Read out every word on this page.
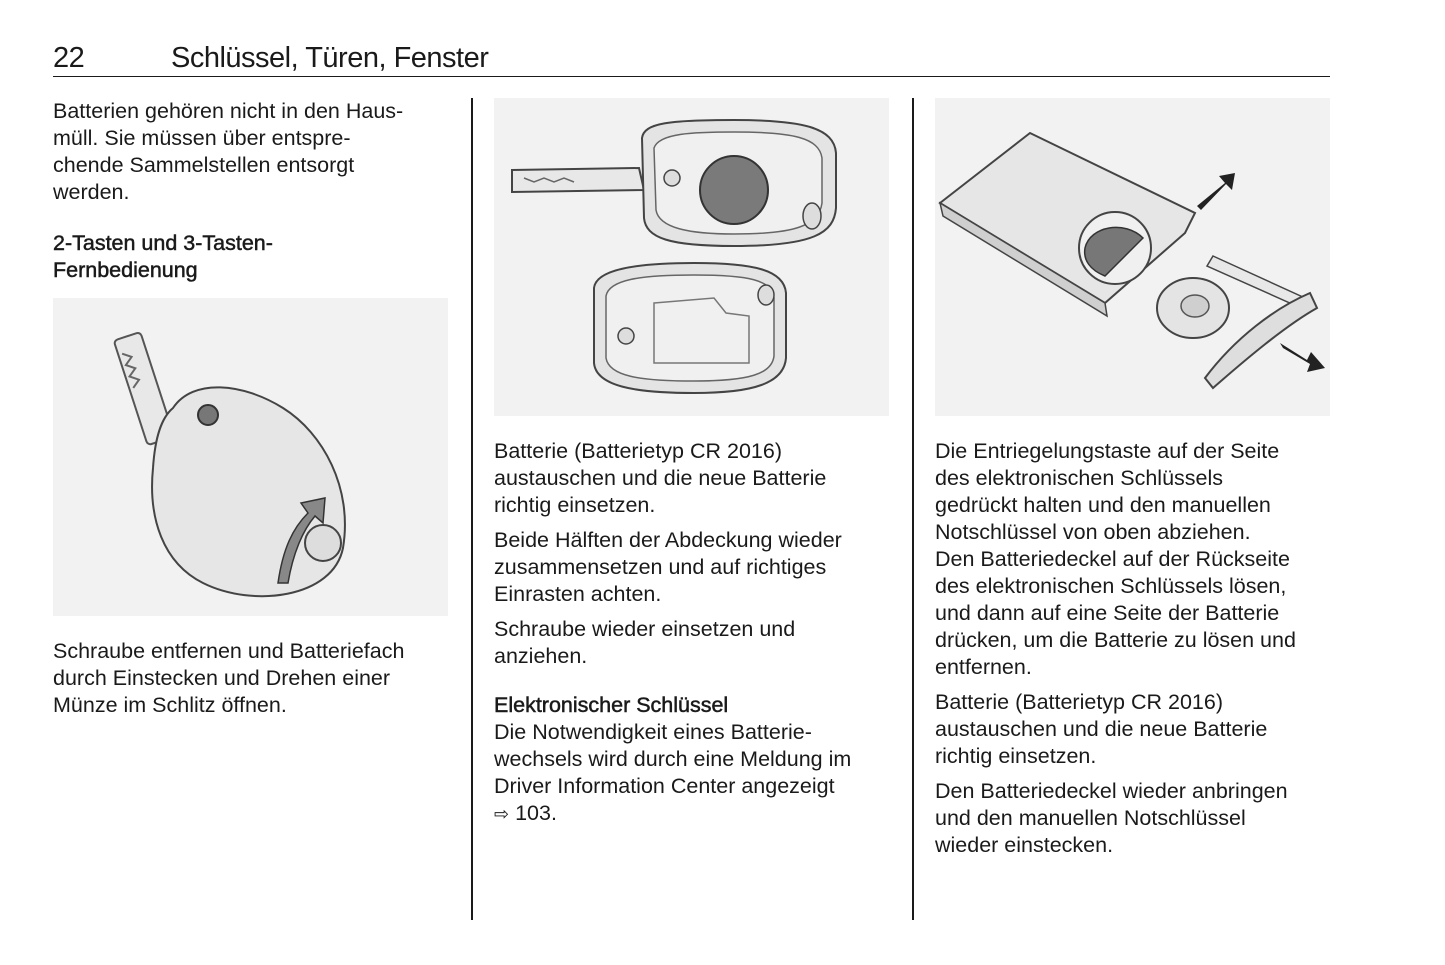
22	Schlüssel, Türen, Fenster

Batterien gehören nicht in den Haus-
müll. Sie müssen über entspre-
chende Sammelstellen entsorgt
werden.

2-Tasten und 3-Tasten-
Fernbedienung

Schraube entfernen und Batteriefach
durch Einstecken und Drehen einer
Münze im Schlitz öffnen.

Batterie (Batterietyp CR 2016)
austauschen und die neue Batterie
richtig einsetzen.

Beide Hälften der Abdeckung wieder
zusammensetzen und auf richtiges
Einrasten achten.

Schraube wieder einsetzen und
anziehen.

Elektronischer Schlüssel

Die Notwendigkeit eines Batterie-
wechsels wird durch eine Meldung im
Driver Information Center angezeigt
⇨ 103.

Die Entriegelungstaste auf der Seite
des elektronischen Schlüssels
gedrückt halten und den manuellen
Notschlüssel von oben abziehen.
Den Batteriedeckel auf der Rückseite
des elektronischen Schlüssels lösen,
und dann auf eine Seite der Batterie
drücken, um die Batterie zu lösen und
entfernen.

Batterie (Batterietyp CR 2016)
austauschen und die neue Batterie
richtig einsetzen.

Den Batteriedeckel wieder anbringen
und den manuellen Notschlüssel
wieder einstecken.
